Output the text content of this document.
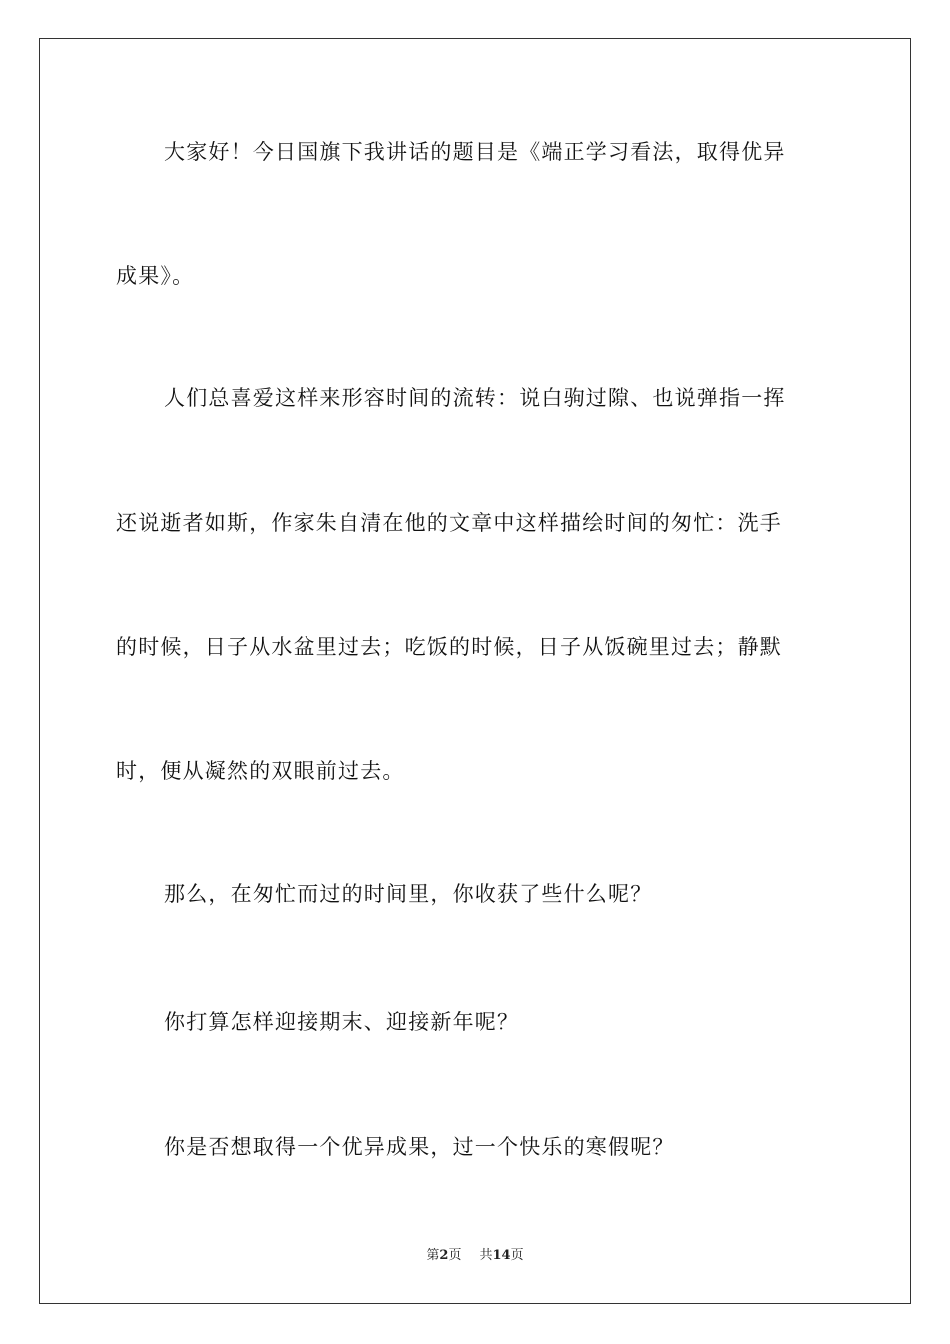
大家好！今日国旗下我讲话的题目是《端正学习看法，取得优异
成果》。
人们总喜爱这样来形容时间的流转：说白驹过隙、也说弹指一挥
还说逝者如斯，作家朱自清在他的文章中这样描绘时间的匆忙：洗手
的时候，日子从水盆里过去；吃饭的时候，日子从饭碗里过去；静默
时，便从凝然的双眼前过去。
那么，在匆忙而过的时间里，你收获了些什么呢？
你打算怎样迎接期末、迎接新年呢？
你是否想取得一个优异成果，过一个快乐的寒假呢？
第2页 共14页
